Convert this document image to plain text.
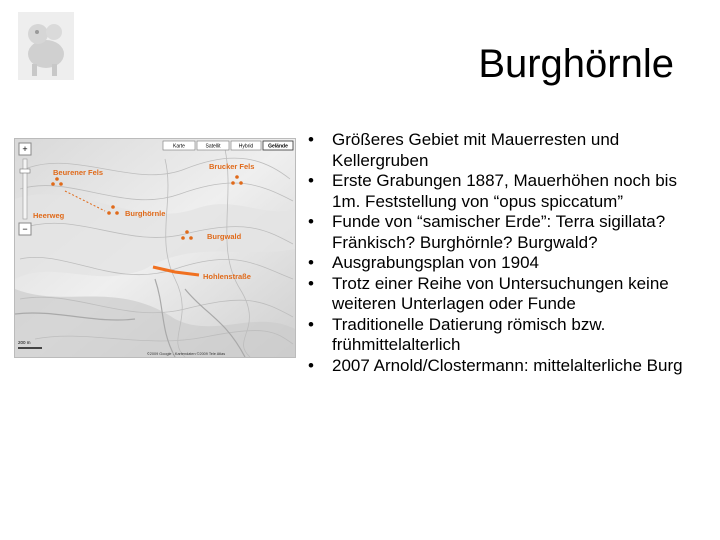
Burghörnle
+
−
Karte	Satellit	Hybrid	Gelände
Beurener Fels
Brucker Fels
Heerweg	Burghörnle
Burgwald
Hohlenstraße
200 m
©2009 Google - Kartendaten ©2009 Tele Atlas
• Größeres Gebiet mit Mauerresten und Kellergruben
• Erste Grabungen 1887, Mauerhöhen noch bis 1m. Feststellung von “opus spiccatum”
• Funde von “samischer Erde”: Terra sigillata? Fränkisch? Burghörnle? Burgwald?
• Ausgrabungsplan von 1904
• Trotz einer Reihe von Untersuchungen keine weiteren Unterlagen oder Funde
• Traditionelle Datierung römisch bzw. frühmittelalterlich
• 2007 Arnold/Clostermann: mittelalterliche Burg
